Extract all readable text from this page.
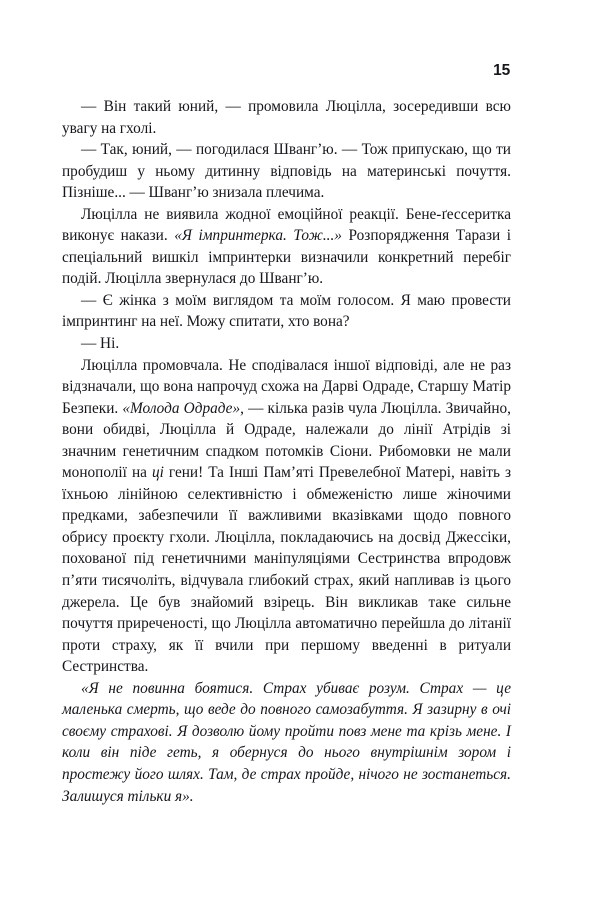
15

— Він такий юний, — промовила Люцілла, зосередивши всю увагу на гхолі.

— Так, юний, — погодилася Шванг’ю. — Тож припускаю, що ти пробудиш у ньому дитинну відповідь на материнські почуття. Пізніше... — Шванг’ю знизала плечима.

Люцілла не виявила жодної емоційної реакції. Бене-ґессеритка виконує накази. «Я імпринтерка. Тож...» Розпорядження Тарази і спеціальний вишкіл імпринтерки визначили конкретний перебіг подій. Люцілла звернулася до Шванг’ю.

— Є жінка з моїм виглядом та моїм голосом. Я маю провести імпринтинг на неї. Можу спитати, хто вона?

— Ні.

Люцілла промовчала. Не сподівалася іншої відповіді, але не раз відзначали, що вона напрочуд схожа на Дарві Одраде, Старшу Матір Безпеки. «Молода Одраде», — кілька разів чула Люцілла. Звичайно, вони обидві, Люцілла й Одраде, належали до лінії Атрідів зі значним генетичним спадком потомків Сіони. Рибомовки не мали монополії на ці гени! Та Інші Пам’яті Превелебної Матері, навіть з їхньою лінійною селективністю і обмеженістю лише жіночими предками, забезпечили її важливими вказівками щодо повного обрису проєкту гхоли. Люцілла, покладаючись на досвід Джессіки, похованої під генетичними маніпуляціями Сестринства впродовж п’яти тисячоліть, відчувала глибокий страх, який напливав із цього джерела. Це був знайомий взірець. Він викликав таке сильне почуття приреченості, що Люцілла автоматично перейшла до літанії проти страху, як її вчили при першому введенні в ритуали Сестринства.

«Я не повинна боятися. Страх убиває розум. Страх — це маленька смерть, що веде до повного самозабуття. Я зазирну в очі своєму страхові. Я дозволю йому пройти повз мене та крізь мене. І коли він піде геть, я обернуся до нього внутрішнім зором і простежу його шлях. Там, де страх пройде, нічого не зостанеться. Залишуся тільки я».
